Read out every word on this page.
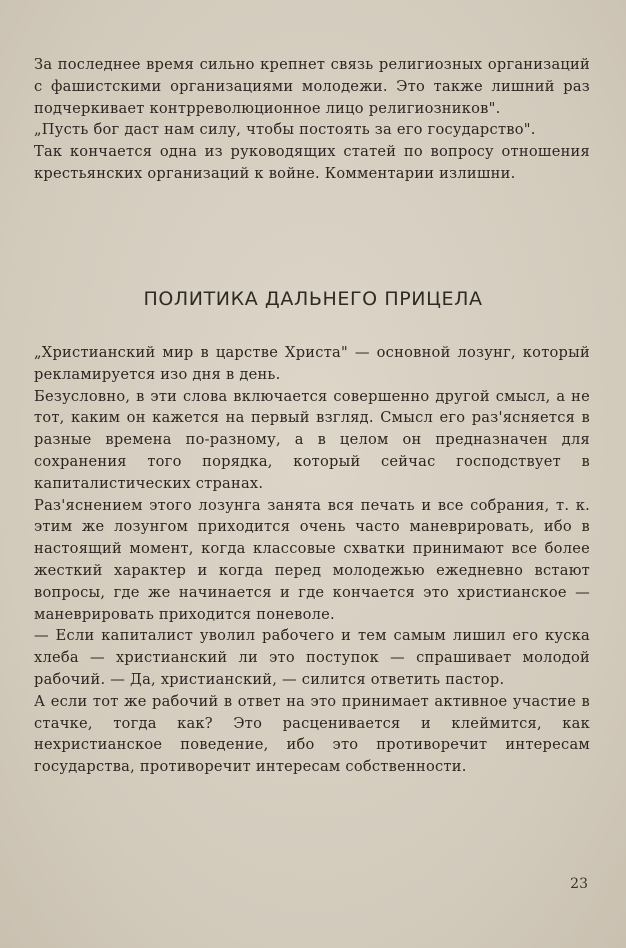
За последнее время сильно крепнет связь религиозных организаций с фашистскими организациями молодежи. Это также лишний раз подчеркивает контрреволюционное лицо религиозников".

„Пусть бог даст нам силу, чтобы постоять за его государство".

Так кончается одна из руководящих статей по вопросу отношения крестьянских организаций к войне. Комментарии излишни.

ПОЛИТИКА ДАЛЬНЕГО ПРИЦЕЛА

„Христианский мир в царстве Христа" — основной лозунг, который рекламируется изо дня в день.

Безусловно, в эти слова включается совершенно другой смысл, а не тот, каким он кажется на первый взгляд. Смысл его раз'ясняется в разные времена по-разному, а в целом он предназначен для сохранения того порядка, который сейчас господствует в капиталистических странах.

Раз'яснением этого лозунга занята вся печать и все собрания, т. к. этим же лозунгом приходится очень часто маневрировать, ибо в настоящий момент, когда классовые схватки принимают все более жесткий характер и когда перед молодежью ежедневно встают вопросы, где же начинается и где кончается это христианское — маневрировать приходится поневоле.

— Если капиталист уволил рабочего и тем самым лишил его куска хлеба — христианский ли это поступок — спрашивает молодой рабочий. — Да, христианский, — силится ответить пастор.

А если тот же рабочий в ответ на это принимает активное участие в стачке, тогда как? Это расценивается и клеймится, как нехристианское поведение, ибо это противоречит интересам государства, противоречит интересам собственности.

23
